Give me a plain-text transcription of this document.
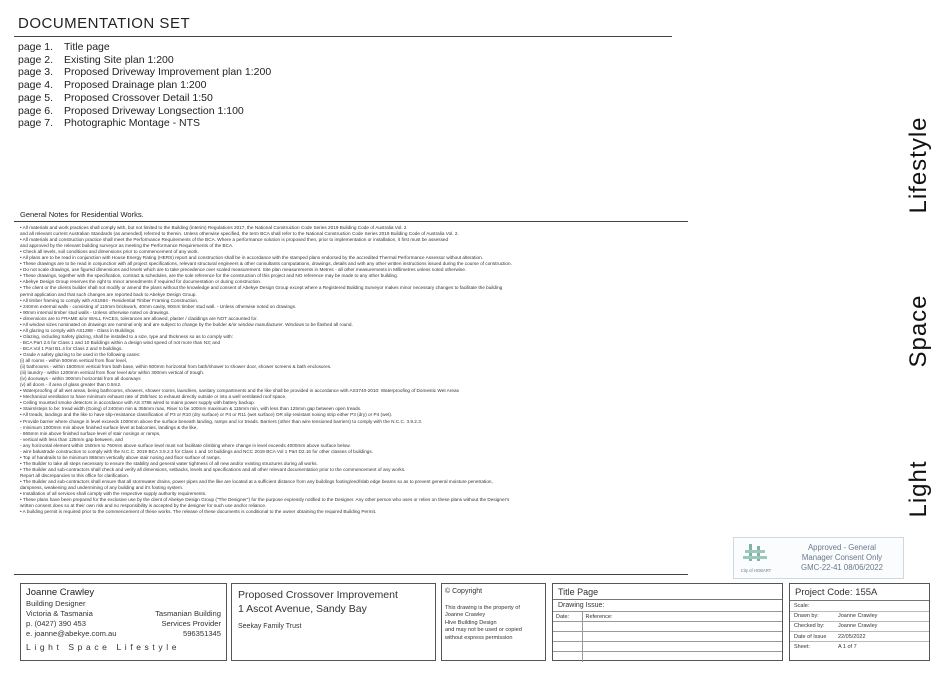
DOCUMENTATION SET
page 1.	Title page
page 2.	Existing Site plan 1:200
page 3.	Proposed Driveway Improvement plan 1:200
page 4.	Proposed Drainage plan 1:200
page 5.	Proposed Crossover Detail 1:50
page 6.	Proposed Driveway Longsection 1:100
page 7.	Photographic Montage - NTS	Lifestyle
Space
Light
General Notes for Residential Works.
• All materials and work practices shall comply with, but not limited to the Building (interim) Regulations 2017, the National Construction Code Series 2019 Building Code of Australia Vol. 2
and all relevant current Australian Standards (as amended) referred to therein. Unless otherwise specified, the term BCA shall refer to the National Construction Code Series 2019 Building Code of Australia Vol. 2.
• All materials and construction practice shall meet the Performance Requirements of the BCA. Where a performance solution is proposed then, prior to implementation or installation, it first must be assessed
and approved by the relevant building surveyor as meeting the Performance Requirements of the BCA.
• Check all levels, soil conditions and dimensions prior to commencement of any work.
• All plans are to be read in conjunction with House Energy Rating (HERS) report and construction shall be in accordance with the stamped plans endorsed by the accredited Thermal Performance Assessor without alteration.
• These drawings are to be read in conjunction with all project specifications, relevant structural engineers & other consultants computations, drawings, details and with any other written instructions issued during the course of construction.
• Do not scale drawings, use figured dimensions and levels which are to take precedence over scaled measurement. Site plan measurements in Metres - all other measurements in Millimetres unless noted otherwise.
• These drawings, together with the specification, contract & schedules, are the sole reference for the construction of this project and NO reference may be made to any other building.
• Abekye Design Group reserves the right to minor amendments if required for documentation or during construction.
• The client or the clients builder shall not modify or amend the plans without the knowledge and consent of Abekye Design Group except where a Registered Building Surveyor makes minor necessary changes to facilitate the building
permit application and that such changes are reported back to Abekye Design Group.
• All timber framing to comply with AS1684 - Residential Timber Framing Construction.
• 240mm external walls - consisting of 110mm brickwork, 40mm cavity, 90mm timber stud wall. - Unless otherwise noted on drawings.
• 90mm internal timber stud walls - Unless otherwise noted on drawings.
• dimensions are to FRAME &/or WALL FACES, tolerances are allowed, plaster / claddings are NOT accounted for.
• All window sizes nominated on drawings are nominal only and are subject to change by the builder &/or window manufacturer. Windows to be flashed all round.
• All glazing to comply with AS1288 - Glass in Buildings.
• Glazing, including Safety glazing, shall be installed to a size, type and thickness so as to comply with:
- BCA Part 2.6 for Class 1 and 10 Buildings within a design wind speed of not more than N3; and
- BCA Vol 1 Part B1.4 for Class 2 and 9 buildings.
• Grade A safety glazing to be used in the following cases:
(i) all rooms - within 500mm vertical from floor level,
(ii) bathrooms - within 1500mm vertical from bath base, within 500mm horizontal from bath/shower to shower door, shower screens & bath enclosures.
(iii) laundry - within 1200mm vertical from floor level &/or within 300mm vertical of trough.
(iv) doorways - within 300mm horizontal from all doorways
(v) all doors - if area of glass greater than 0.5m2.
• Waterproofing of all wet areas, being bathrooms, showers, shower rooms, laundries, sanitary compartments and the like shall be provided in accordance with AS3740-2010: Waterproofing of Domestic Wet Areas
• Mechanical ventilation to have minimum exhaust rate of 25ltr/sec to exhaust directly outside or into a well ventilated roof space.
• Ceiling mounted smoke detectors in accordance with AS 3786 wired to mains power supply with battery backup.
• Stairs/steps to be: tread width (Going) of 240mm min & 355mm max, Riser to be 100mm maximum & 115mm min, with less than 125mm gap between open treads.
• All treads, landings and the like to have slip-resistance classification of P3 or R10 (dry surface) or P4 or R11 (wet surface) OR slip-resistant nosing strip either P3 (dry) or P4 (wet).
• Provide barrier where change in level exceeds 1000mm above the surface beneath landing, ramps and /or treads. Barriers (other than wire tensioned barriers) to comply with the N.C.C. 3.9.2.3.
- minimum 1000mm min above finished surface level at balconies, landings & the like,
- 865mm min above finished surface level of stair nosings or ramps,
- vertical with less than 125mm gap between, and
- any horizontal element within 150mm to 760mm above surface level must not facilitate climbing where change in level exceeds 4000mm above surface below.
- wire balustrade construction to comply with the N.C.C. 2019 BCA 3.9.2.3 for Class 1 and 10 buildings and NCC 2019 BCA Vol 1 Part D2.16 for other classes of buildings.
• Top of handrails to be minimum 865mm vertically above stair nosing and floor surface of ramps.
• The Builder to take all steps necessary to ensure the stability and general water tightness of all new and/or existing structures during all works.
• The Builder and sub-contractors shall check and verify all dimensions, setbacks, levels and specifications and all other relevant documentation prior to the commencement of any works.
Report all discrepancies to this office for clarification.
• The Builder and sub-contractors shall ensure that all stormwater drains, power pipes and the like are located at a sufficient distance from any buildings footing/end/slab edge beams so as to prevent general moisture penetration,
dampness, weakening and undermining of any building and it's footing system.
• Installation of all services shall comply with the respective supply authority requirements.
• These plans have been prepared for the exclusive use by the client of Abekye Design Group ("The Designer") for the purpose expressly notified to the Designer. Any other person who uses or relies on these plans without the Designer's
written consent does so at their own risk and no responsibility is accepted by the designer for such use and/or reliance.
• A building permit is required prior to the commencement of these works. The release of these documents is conditional to the owner obtaining the required Building Permit.
City of HOBART
Approved - General
Manager Consent Only
GMC-22-41 08/06/2022
Joanne Crawley
Building Designer
Victoria & Tasmania	Tasmanian Building
p. (0427) 390 453	Services Provider
e. joanne@abekye.com.au	596351345
Light Space Lifestyle
Proposed Crossover Improvement
1 Ascot Avenue, Sandy Bay
Seekay Family Trust
© Copyright
This drawing is the property of
Joanne Crawley
Hive Building Design
and may not be used or copied
without express permission
Title Page
Drawing Issue:
Date:	Reference:

Project Code: 155A
Scale:	
Drawn by:	Joanne Crawley
Checked by:	Joanne Crawley
Date of Issue	22/05/2022
Sheet:	A 1 of 7
